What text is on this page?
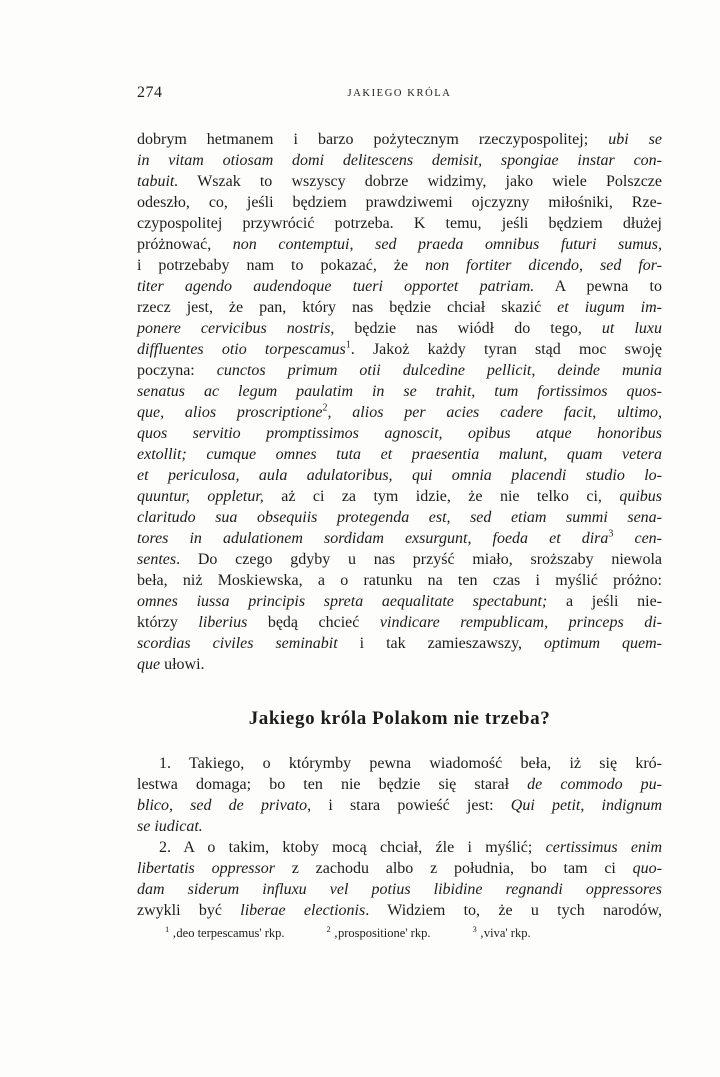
274	JAKIEGO KRÓLA
dobrym hetmanem i barzo pożytecznym rzeczypospolitej; ubi se
in vitam otiosam domi delitescens demisit, spongiae instar con-
tabuit. Wszak to wszyscy dobrze widzimy, jako wiele Polszcze
odeszło, co, jeśli będziem prawdziwemi ojczyzny miłośniki, Rze-
czypospolitej przywrócić potrzeba. K temu, jeśli będziem dłużej
próżnować, non contemptui, sed praeda omnibus futuri sumus,
i potrzebaby nam to pokazać, że non fortiter dicendo, sed for-
titer agendo audendoque tueri opportet patriam. A pewna to
rzecz jest, że pan, który nas będzie chciał skazić et iugum im-
ponere cervicibus nostris, będzie nas wiódł do tego, ut luxu
diffluentes otio torpescamus$^1$. Jakoż każdy tyran stąd moc swoję
poczyna: cunctos primum otii dulcedine pellicit, deinde munia
senatus ac legum paulatim in se trahit, tum fortissimos quos-
que, alios proscriptione$^2$, alios per acies cadere facit, ultimo,
quos servitio promptissimos agnoscit, opibus atque honoribus
extollit; cumque omnes tuta et praesentia malunt, quam vetera
et periculosa, aula adulatoribus, qui omnia placendi studio lo-
quuntur, oppletur, aż ci za tym idzie, że nie telko ci, quibus
claritudo sua obsequiis protegenda est, sed etiam summi sena-
tores in adulationem sordidam exsurgunt, foeda et dira$^3$ cen-
sentes. Do czego gdyby u nas przyść miało, sroższaby niewola
beła, niż Moskiewska, a o ratunku na ten czas i myślić próżno:
omnes iussa principis spreta aequalitate spectabunt; a jeśli nie-
którzy liberius będą chcieć vindicare rempublicam, princeps di-
scordias civiles seminabit i tak zamieszawszy, optimum quem-
que ułowi.
Jakiego króla Polakom nie trzeba?
1. Takiego, o którymby pewna wiadomość beła, iż się kró-
lestwa domaga; bo ten nie będzie się starał de commodo pu-
blico, sed de privato, i stara powieść jest: Qui petit, indignum
se iudicat.
2. A o takim, ktoby mocą chciał, źle i myślić; certissimus enim
libertatis oppressor z zachodu albo z południa, bo tam ci quo-
dam siderum influxu vel potius libidine regnandi oppressores
zwykli być liberae electionis. Widziem to, że u tych narodów,
$^1$ ‚deo terpescamus' rkp.	$^2$ ‚prospositione' rkp.	$^3$ ‚viva' rkp.
